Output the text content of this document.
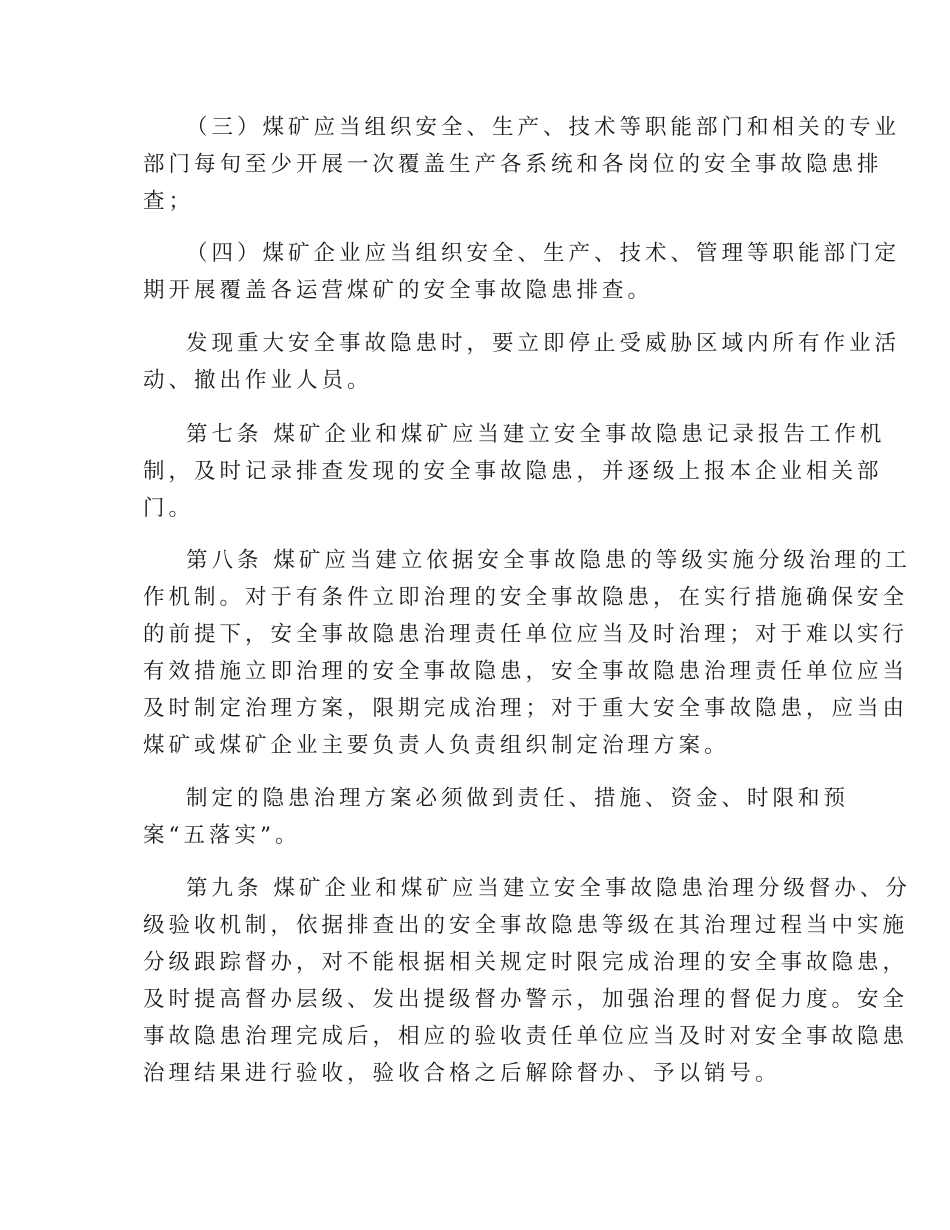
（三）煤矿应当组织安全、生产、技术等职能部门和相关的专业
部门每旬至少开展一次覆盖生产各系统和各岗位的安全事故隐患排
查；
（四）煤矿企业应当组织安全、生产、技术、管理等职能部门定
期开展覆盖各运营煤矿的安全事故隐患排查。
发现重大安全事故隐患时，要立即停止受威胁区域内所有作业活
动、撤出作业人员。
第七条 煤矿企业和煤矿应当建立安全事故隐患记录报告工作机
制，及时记录排查发现的安全事故隐患，并逐级上报本企业相关部
门。
第八条 煤矿应当建立依据安全事故隐患的等级实施分级治理的工
作机制。对于有条件立即治理的安全事故隐患，在实行措施确保安全
的前提下，安全事故隐患治理责任单位应当及时治理；对于难以实行
有效措施立即治理的安全事故隐患，安全事故隐患治理责任单位应当
及时制定治理方案，限期完成治理；对于重大安全事故隐患，应当由
煤矿或煤矿企业主要负责人负责组织制定治理方案。
制定的隐患治理方案必须做到责任、措施、资金、时限和预
案“五落实”。
第九条 煤矿企业和煤矿应当建立安全事故隐患治理分级督办、分
级验收机制，依据排查出的安全事故隐患等级在其治理过程当中实施
分级跟踪督办，对不能根据相关规定时限完成治理的安全事故隐患，
及时提高督办层级、发出提级督办警示，加强治理的督促力度。安全
事故隐患治理完成后，相应的验收责任单位应当及时对安全事故隐患
治理结果进行验收，验收合格之后解除督办、予以销号。
